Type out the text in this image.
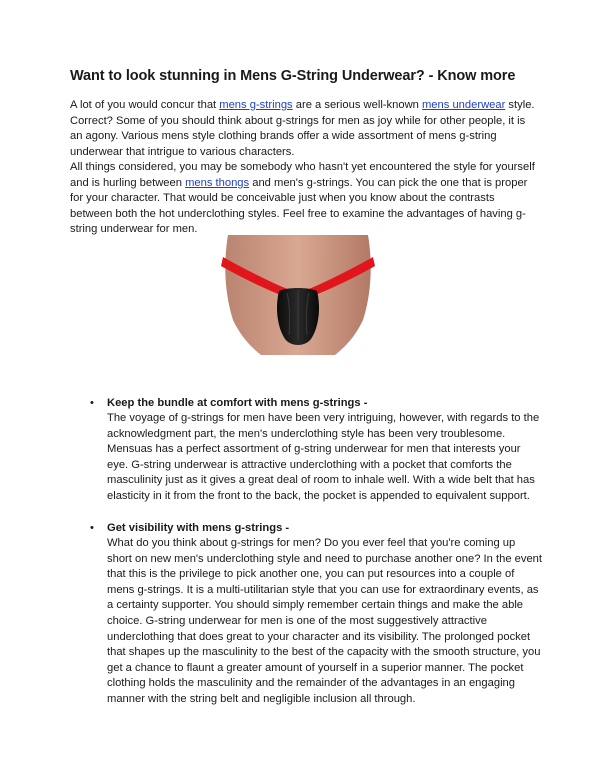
Want to look stunning in Mens G-String Underwear? - Know more

A lot of you would concur that mens g-strings are a serious well-known mens underwear style. Correct? Some of you should think about g-strings for men as joy while for other people, it is an agony. Various mens style clothing brands offer a wide assortment of mens g-string underwear that intrigue to various characters.

All things considered, you may be somebody who hasn't yet encountered the style for yourself and is hurling between mens thongs and men's g-strings. You can pick the one that is proper for your character. That would be conceivable just when you know about the contrasts between both the hot underclothing styles. Feel free to examine the advantages of having g-string underwear for men.

• Keep the bundle at comfort with mens g-strings -

The voyage of g-strings for men have been very intriguing, however, with regards to the acknowledgment part, the men's underclothing style has been very troublesome. Mensuas has a perfect assortment of g-string underwear for men that interests your eye. G-string underwear is attractive underclothing with a pocket that comforts the masculinity just as it gives a great deal of room to inhale well. With a wide belt that has elasticity in it from the front to the back, the pocket is appended to equivalent support.

• Get visibility with mens g-strings -

What do you think about g-strings for men? Do you ever feel that you're coming up short on new men's underclothing style and need to purchase another one? In the event that this is the privilege to pick another one, you can put resources into a couple of mens g-strings. It is a multi-utilitarian style that you can use for extraordinary events, as a certainty supporter. You should simply remember certain things and make the able choice. G-string underwear for men is one of the most suggestively attractive underclothing that does great to your character and its visibility. The prolonged pocket that shapes up the masculinity to the best of the capacity with the smooth structure, you get a chance to flaunt a greater amount of yourself in a superior manner. The pocket clothing holds the masculinity and the remainder of the advantages in an engaging manner with the string belt and negligible inclusion all through.
